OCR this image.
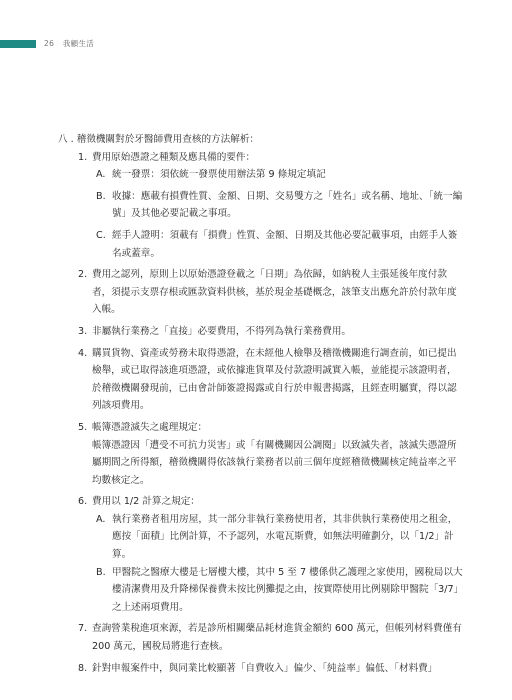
26 我顧生活

八 . 稽徵機關對於牙醫師費用查核的方法解析：

1. 費用原始憑證之種類及應具備的要件：

A. 統一發票：須依統一發票使用辦法第 9 條規定填記

B. 收據：應載有損費性質、金額、日期、交易雙方之「姓名」或名稱、地址、「統一編號」及其他必要記載之事項。

C. 經手人證明：須載有「損費」性質、金額、日期及其他必要記載事項，由經手人簽名或蓋章。

2. 費用之認列，原則上以原始憑證登載之「日期」為依歸，如納稅人主張延後年度付款者，須提示支票存根或匯款資料供核，基於現金基礎概念，該筆支出應允許於付款年度入帳。

3. 非屬執行業務之「直接」必要費用，不得列為執行業務費用。

4. 購買貨物、資產或勞務未取得憑證，在未經他人檢舉及稽徵機關進行調查前，如已提出檢舉，或已取得該進項憑證，或依據進貨單及付款證明誠實入帳，並能提示該證明者，於稽徵機關發現前，已由會計師簽證揭露或自行於申報書揭露，且經查明屬實，得以認列該項費用。

5. 帳簿憑證滅失之處理規定：

帳簿憑證因「遭受不可抗力災害」或「有關機關因公調閱」以致滅失者，該滅失憑證所屬期間之所得額，稽徵機關得依該執行業務者以前三個年度經稽徵機關核定純益率之平均數核定之。

6. 費用以 1/2 計算之規定：

A. 執行業務者租用房屋，其一部分非執行業務使用者，其非供執行業務使用之租金，應按「面積」比例計算，不予認列，水電瓦斯費，如無法明確劃分，以「1/2」計算。

B. 甲醫院之醫療大樓是七層樓大樓，其中 5 至 7 樓係供乙護理之家使用，國稅局以大樓清潔費用及升降梯保養費未按比例攤提之由，按實際使用比例剔除甲醫院「3/7」之上述兩項費用。

7. 查詢營業稅進項來源，若是診所相關藥品耗材進貨金額約 600 萬元，但帳列材料費僅有 200 萬元，國稅局將進行查核。

8. 針對申報案件中，與同業比較顯著「自費收入」偏少、「純益率」偏低、「材料費」
